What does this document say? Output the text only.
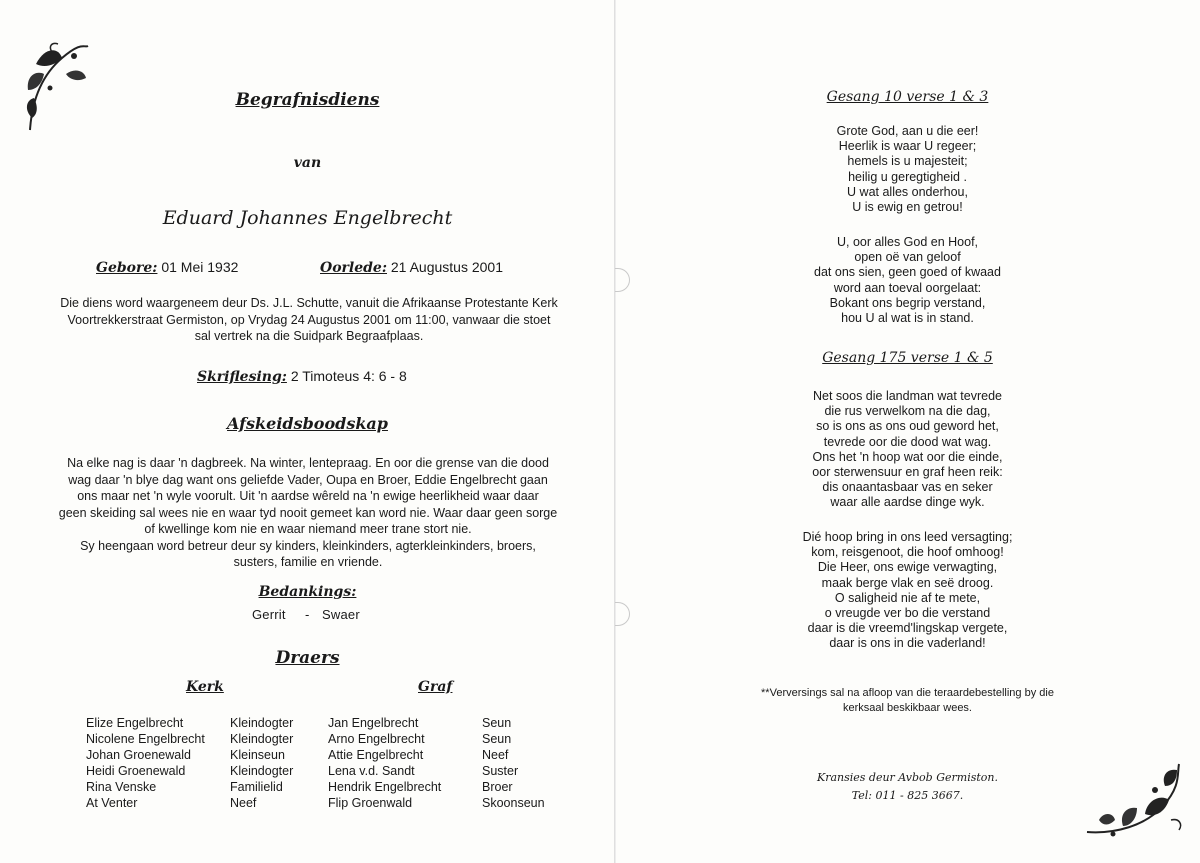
Begrafnisdiens
van
Eduard Johannes Engelbrecht
Gebore: 01 Mei 1932	Oorlede: 21 Augustus 2001
Die diens word waargeneem deur Ds. J.L. Schutte, vanuit die Afrikaanse Protestante Kerk
Voortrekkerstraat Germiston, op Vrydag 24 Augustus 2001 om 11:00, vanwaar die stoet
sal vertrek na die Suidpark Begraafplaas.
Skriflesing: 2 Timoteus 4: 6 - 8
Afskeidsboodskap
Na elke nag is daar 'n dagbreek. Na winter, lentepraag. En oor die grense van die dood
wag daar 'n blye dag want ons geliefde Vader, Oupa en Broer, Eddie Engelbrecht gaan
ons maar net 'n wyle voorult. Uit 'n aardse wêreld na 'n ewige heerlikheid waar daar
geen skeiding sal wees nie en waar tyd nooit gemeet kan word nie. Waar daar geen sorge
of kwellinge kom nie en waar niemand meer trane stort nie.
Sy heengaan word betreur deur sy kinders, kleinkinders, agterkleinkinders, broers,
susters, familie en vriende.
Bedankings:
Gerrit - Swaer
Draers
Kerk	Graf
Elize Engelbrecht
Nicolene Engelbrecht
Johan Groenewald
Heidi Groenewald
Rina Venske
At Venter
Kleindogter
Kleindogter
Kleinseun
Kleindogter
Familielid
Neef
Jan Engelbrecht
Arno Engelbrecht
Attie Engelbrecht
Lena v.d. Sandt
Hendrik Engelbrecht
Flip Groenwald
Seun
Seun
Neef
Suster
Broer
Skoonseun
Gesang 10 verse 1 & 3
Grote God, aan u die eer!
Heerlik is waar U regeer;
hemels is u majesteit;
heilig u geregtigheid .
U wat alles onderhou,
U is ewig en getrou!
U, oor alles God en Hoof,
open oë van geloof
dat ons sien, geen goed of kwaad
word aan toeval oorgelaat:
Bokant ons begrip verstand,
hou U al wat is in stand.
Gesang 175 verse 1 & 5
Net soos die landman wat tevrede
die rus verwelkom na die dag,
so is ons as ons oud geword het,
tevrede oor die dood wat wag.
Ons het 'n hoop wat oor die einde,
oor sterwensuur en graf heen reik:
dis onaantasbaar vas en seker
waar alle aardse dinge wyk.
Dié hoop bring in ons leed versagting;
kom, reisgenoot, die hoof omhoog!
Die Heer, ons ewige verwagting,
maak berge vlak en seë droog.
O saligheid nie af te mete,
o vreugde ver bo die verstand
daar is die vreemd'lingskap vergete,
daar is ons in die vaderland!
**Verversings sal na afloop van die teraardebestelling by die
kerksaal beskikbaar wees.
Kransies deur Avbob Germiston.
Tel: 011 - 825 3667.
